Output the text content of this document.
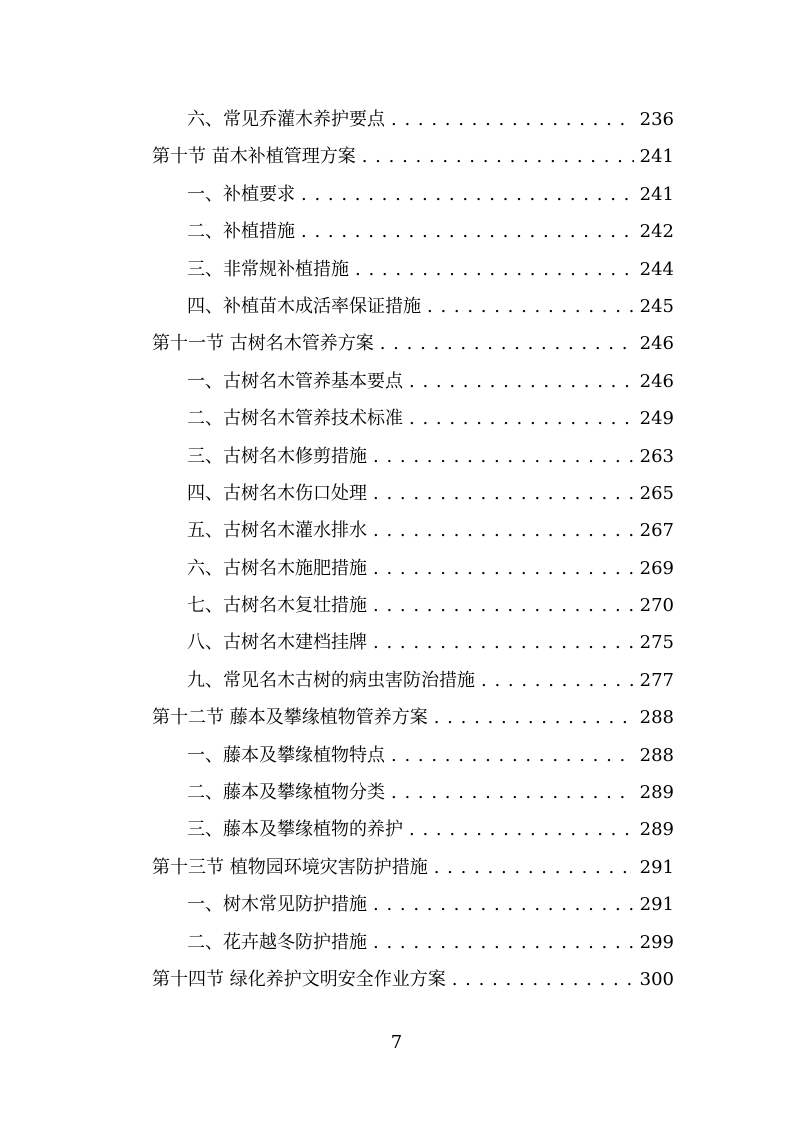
六、常见乔灌木养护要点 . . .	236
第十节 苗木补植管理方案 . . .	241
一、补植要求 . . .	241
二、补植措施 . . .	242
三、非常规补植措施 . . .	244
四、补植苗木成活率保证措施 . . .	245
第十一节 古树名木管养方案 . . .	246
一、古树名木管养基本要点 . . .	246
二、古树名木管养技术标准 . . .	249
三、古树名木修剪措施 . . .	263
四、古树名木伤口处理 . . .	265
五、古树名木灌水排水 . . .	267
六、古树名木施肥措施 . . .	269
七、古树名木复壮措施 . . .	270
八、古树名木建档挂牌 . . .	275
九、常见名木古树的病虫害防治措施 . . .	277
第十二节 藤本及攀缘植物管养方案 . . .	288
一、藤本及攀缘植物特点 . . .	288
二、藤本及攀缘植物分类 . . .	289
三、藤本及攀缘植物的养护 . . .	289
第十三节 植物园环境灾害防护措施 . . .	291
一、树木常见防护措施 . . .	291
二、花卉越冬防护措施 . . .	299
第十四节 绿化养护文明安全作业方案 . . .	300
7
